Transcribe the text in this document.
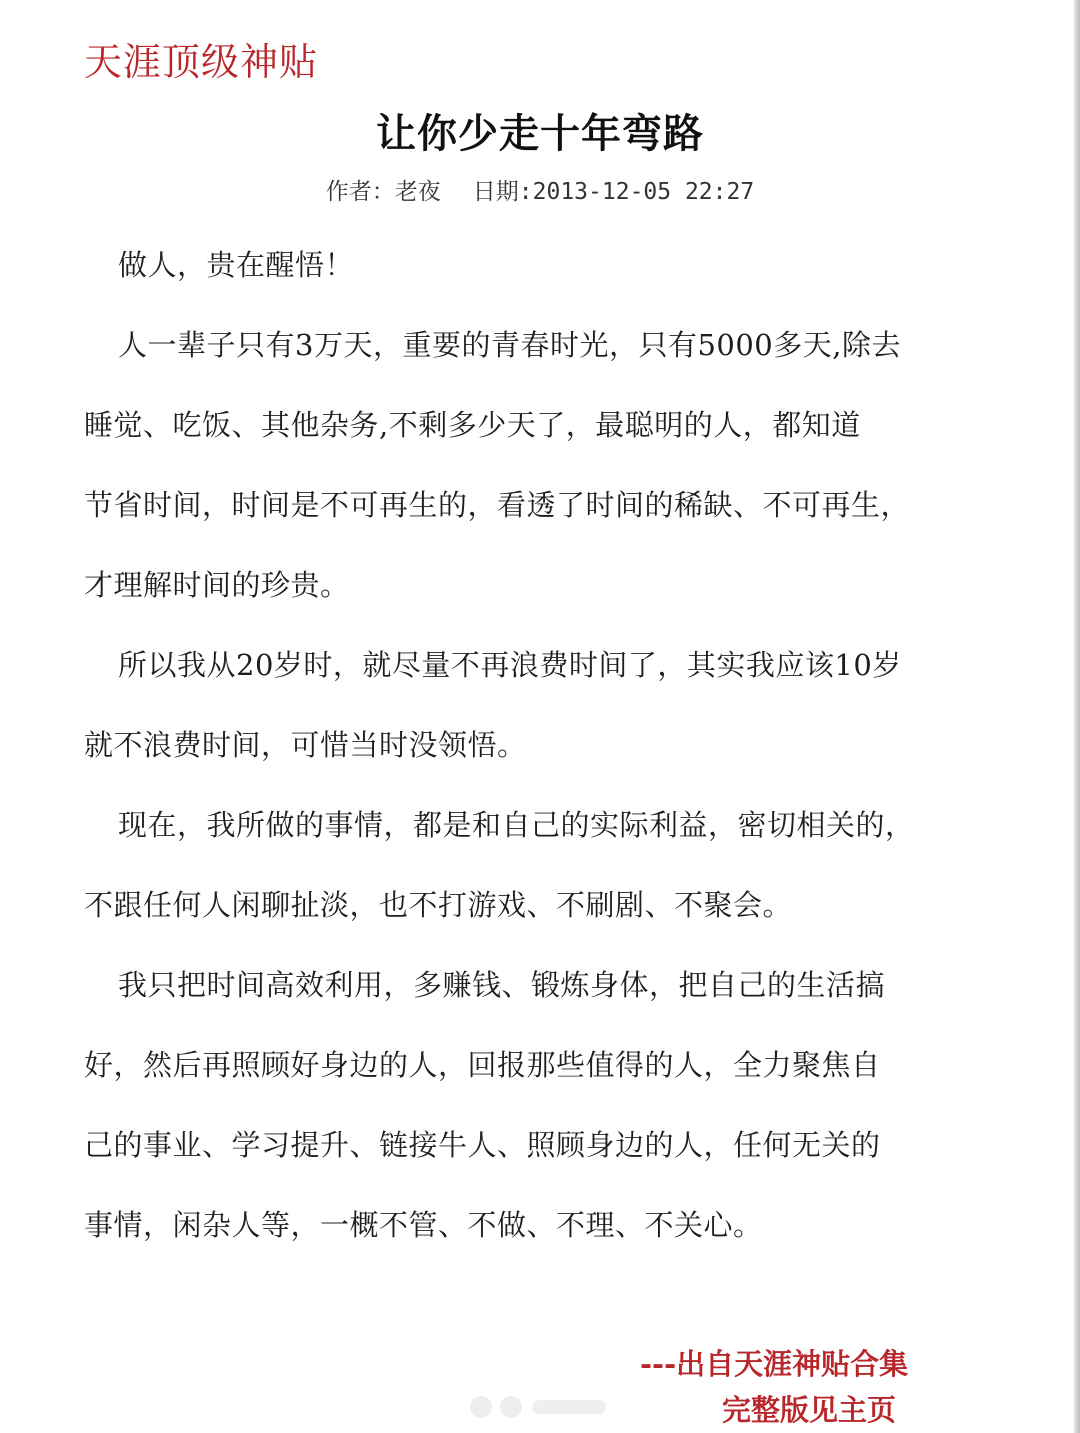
天涯顶级神贴
让你少走十年弯路
作者：老夜 日期:2013-12-05 22:27
做人，贵在醒悟！
人一辈子只有3万天，重要的青春时光，只有5000多天,除去
睡觉、吃饭、其他杂务,不剩多少天了，最聪明的人，都知道
节省时间，时间是不可再生的，看透了时间的稀缺、不可再生，
才理解时间的珍贵。
所以我从20岁时，就尽量不再浪费时间了，其实我应该10岁
就不浪费时间，可惜当时没领悟。
现在，我所做的事情，都是和自己的实际利益，密切相关的，
不跟任何人闲聊扯淡，也不打游戏、不刷剧、不聚会。
我只把时间高效利用，多赚钱、锻炼身体，把自己的生活搞
好，然后再照顾好身边的人，回报那些值得的人，全力聚焦自
己的事业、学习提升、链接牛人、照顾身边的人，任何无关的
事情，闲杂人等，一概不管、不做、不理、不关心。
---出自天涯神贴合集
完整版见主页
